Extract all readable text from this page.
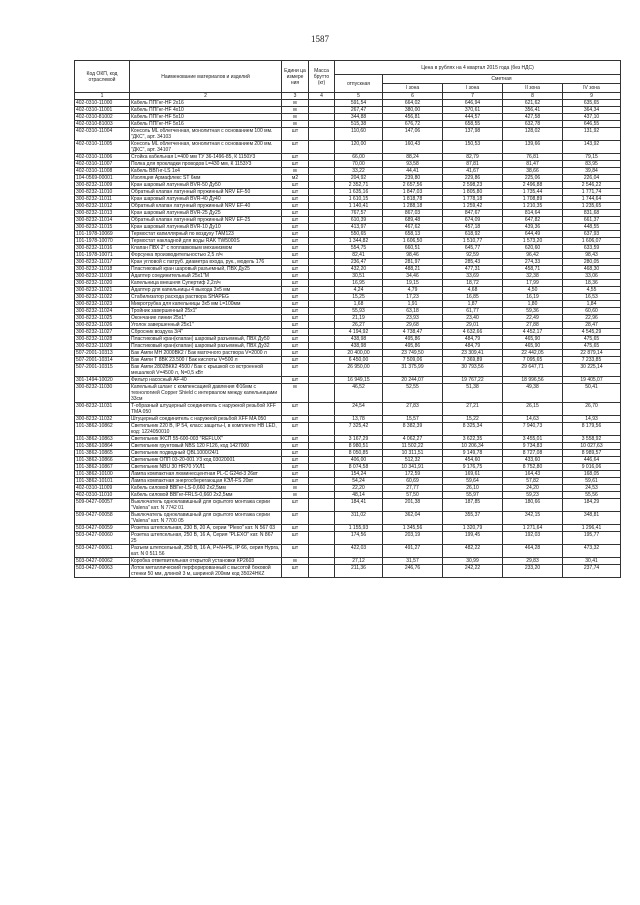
1587
Код ОКП, код отраслевой	Наименование материалов и изделий	Едини ца измере ния	Масса брутто (кг)	Цена в рублях на 4 квартал 2015 года (без НДС)				
				отпускная	Сметная			
					I зона	I зона	II зона	IV зона
1	2	3	4	5	6	7	8	9
402-0310-11000	Кабель ППГнг-HF 2х16	м		591,54	664,02	646,94	621,62	635,65
402-0310-11001	Кабель ППГнг-HF 4х10	м		267,47	380,00	370,61	356,41	364,34
402-0310-81002	Кабель ППГнг-HF 5х10	м		344,88	456,81	444,57	427,58	437,10
402-0310-81003	Кабель ППГнг-HF 5х16	м		515,38	676,72	658,55	632,78	646,55
402-0310-11004	Консоль ML облегченная, монолитная с основанием 100 мм. "ДКС", арт. 34103	шт		110,60	147,06	137,98	128,02	131,92
402-0310-11005	Консоль ML облегченная, монолитная с основанием 200 мм. "ДКС", арт. 34107	шт		120,00	160,43	150,53	139,66	143,92
402-0310-11006	Стойка кабельная L=400 мм ТУ 36-1496-85, К 1150У3	шт		66,00	88,24	82,79	76,81	79,15
402-0310-11007	Полка для прокладки проводов L=430 мм, К 1153У3	шт		70,00	93,58	87,81	81,47	83,95
402-0310-11008	Кабель ВВГнг-LS 1х4	м		33,22	44,41	41,67	38,66	39,84
104-0569-00001	Изоляция Армафлекс ST 6мм	м2		204,92	239,80	229,86	225,06	226,04
300-8232-11009	Кран шаровый латунный BVR-50 Ду50	шт		2 352,71	2 657,56	2 598,23	2 496,88	2 546,22
300-8232-11010	Обратный клапан латунный пружинный NRV EF-50	шт		1 635,16	1 847,03	1 805,80	1 735,44	1 771,74
300-8232-11011	Кран шаровый латунный BVR-40 Ду40	шт		1 610,15	1 818,78	1 778,18	1 708,89	1 744,64
300-8232-11012	Обратный клапан латунный пружинный NRV EF-40	шт		1 140,41	1 288,18	1 259,42	1 210,35	1 235,65
300-8232-11013	Кран шаровый латунный BVR-25 Ду25	шт		767,57	867,03	847,67	814,64	831,68
300-8232-11014	Обратный клапан латунный пружинный NRV EF-25	шт		610,39	689,48	674,09	647,82	661,37
300-8232-11015	Кран шаровый латунный BVR-10 Ду10	шт		413,97	467,62	457,18	439,36	448,55
101-1978-10069	Термостат капиллярный по воздуху TAM123	шт		550,65	658,13	618,92	644,49	637,93
101-1978-10070	Термостат накладной для воды RAK TW5000S	шт		1 344,82	1 606,50	1 510,77	1 573,20	1 606,07
300-8232-11016	Клапан ПВХ 2" с поплавковым механизмом	шт		554,75	660,51	645,77	620,60	633,59
101-1978-10071	Форсунка производительностью 2,5 л/ч	шт		82,41	98,46	92,59	96,42	98,43
300-8232-11017	Кран угловой с патруб. диаметра входа, рук., модель 176	шт		236,47	281,97	285,43	274,33	280,05
300-8232-11018	Пластиковый кран шаровый разъемный, ПВХ Ду25	шт		432,20	488,21	477,31	458,71	468,30
300-8232-11019	Адаптер соединительный 25х1"М	шт		30,51	34,46	33,69	32,38	33,06
300-8232-11020	Капельница внешняя Супертиф 2,2л/ч	шт		16,95	19,15	18,72	17,99	18,36
300-8232-11021	Адаптер для капельницы 4 выхода 3х5 мм	шт		4,24	4,79	4,68	4,50	4,55
300-8232-11022	Стабилизатор расхода раствора SHAPEG	шт		15,25	17,23	16,85	16,19	16,53
300-8232-11023	Микротрубка для капельницы 3х5 мм L=100мм	шт		1,68	1,91	1,87	1,80	1,84
300-8232-11024	Тройник завершенный 25х1"	шт		55,93	63,18	61,77	59,36	60,60
300-8232-11025	Окончание линии 25х1"	шт		21,19	23,93	23,40	22,49	22,96
300-8232-11026	Уголок завершенный 25х1"	шт		26,27	29,68	29,01	27,88	28,47
300-8232-11027	Сбросник воздуха 3/4"	шт		4 194,92	4 738,47	4 632,66	4 452,17	4 545,29
300-8232-11028	Пластиковый кран(клапан) шаровый разъемный, ПВХ Ду50	шт		438,98	495,86	484,79	465,90	475,65
300-8232-11029	Пластиковый кран(клапан) шаровый разъемный, ПВХ Ду32	шт		438,98	495,86	484,79	465,90	475,65
507-2001-10313	Бак Ампи МН 2000ВК2 / Бак маточного раствора V=2000 л	шт		20 400,00	23 749,50	23 309,41	22 442,05	22 879,14
507-2001-10314	Бак Ампи Т 8ВК 23.500 / Бак кислоты V=500 л	шт		6 450,00	7 509,06	7 369,89	7 095,65	7 233,85
507-2001-10315	Бак Ампи 2802ВКК2 4500 / Бак с крышкой со встроенной мешалкой V=4500 л, N=0,5 кВт	шт		26 950,00	31 375,99	30 793,56	29 647,71	30 225,14
301-1494-10020	Фильтр насосный AF-40	шт		16 949,15	20 244,07	19 767,22	18 996,56	19 405,07
300-8232-11030	Капельный шланг с компенсацией давления Ф16мм с технологией Copper Shield с интервалом между капельницами 33см	м		46,52	52,55	51,38	49,38	50,41
300-8232-11031	Т-образный штуцерный соединитель с наружной резьбой XFF TMA 050	шт		24,54	27,83	27,21	26,15	26,70
300-8232-11032	Штуцерный соединитель с наружной резьбой XFF MA 050	шт		13,78	15,57	15,22	14,63	14,93
101-3862-10862	Светильник 220 В, IP 54, класс защиты-I, в комплекте НВ LED, код: 1224050010	шт		7 325,42	8 382,39	8 325,34	7 940,73	8 179,56
101-3862-10863	Светильник ЖСП 55-600-003 "REFLUX"	шт		3 167,29	4 062,27	3 622,35	3 455,01	3 558,92
101-3862-10864	Светильник грунтовый NBS 120 F126, код 1427000	шт		8 980,51	11 502,22	10 206,34	9 734,83	10 027,63
101-3862-10865	Светильник подводный QBL1000/24/1	шт		8 050,85	10 311,51	9 149,78	8 727,08	8 989,57
101-3862-10866	Светильник ОПП 03-20-001 У3 код 03020001	шт		406,00	512,32	454,60	433,60	446,64
101-3862-10867	Светильник NBU 30 HR70 УХЛ1	шт		8 074,58	10 341,91	9 176,75	8 752,80	9 016,06
101-3862-10100	Лампа компактная люминесцентная PL-C G24d-3 26вт	шт		154,24	172,59	169,61	164,43	168,05
101-3862-10101	Лампа компактная энергосберегающая КЭЛ-FS 20вт	шт		54,24	60,69	59,64	57,82	59,61
402-0310-11009	Кабель силовой ВВГнг-LS-0,660 2х2,5мм	м		22,20	27,77	26,10	24,20	24,53
402-0310-11010	Кабель силовой ВВГнг-FRLS-0,660 2х2,5мм	м		48,14	57,50	55,97	59,23	55,56
509-0427-00057	Выключатель одноклавишный для скрытого монтажа серии "Valena" кат. N 7742 01	шт		184,41	201,38	187,85	180,66	184,29
509-0427-00058	Выключатель одноклавишный для скрытого монтажа серии "Valena" кат. N 7700 05	шт		311,02	362,04	355,37	342,15	348,81
503-0427-00059	Розетка штепсельная, 230 В, 20 А, серии "Plexo" кат. N 567 03	шт		1 155,93	1 345,56	1 320,79	1 271,64	1 296,41
503-0427-00060	Розетка штепсельная, 250 В, 16 А, Серия "PLEXO" кат. N 867 25	шт		174,56	203,19	199,45	192,03	195,77
503-0427-00061	Разъем штепсельный, 250 В, 16 А, P+N+PE, IP 66, серия Hypra, кат. N 0 511 56	шт		422,03	491,27	482,22	464,28	473,32
503-0427-00062	Коробка ответвительная открытой установки КР2603	м		27,12	31,57	30,99	29,83	30,41
503-0427-00063	Лоток металлический перфорированный с высотой боковой стенки 50 мм, длиной 3 м, шириной 200мм код 35024НКZ	шт		211,36	246,76	242,22	233,20	237,74
